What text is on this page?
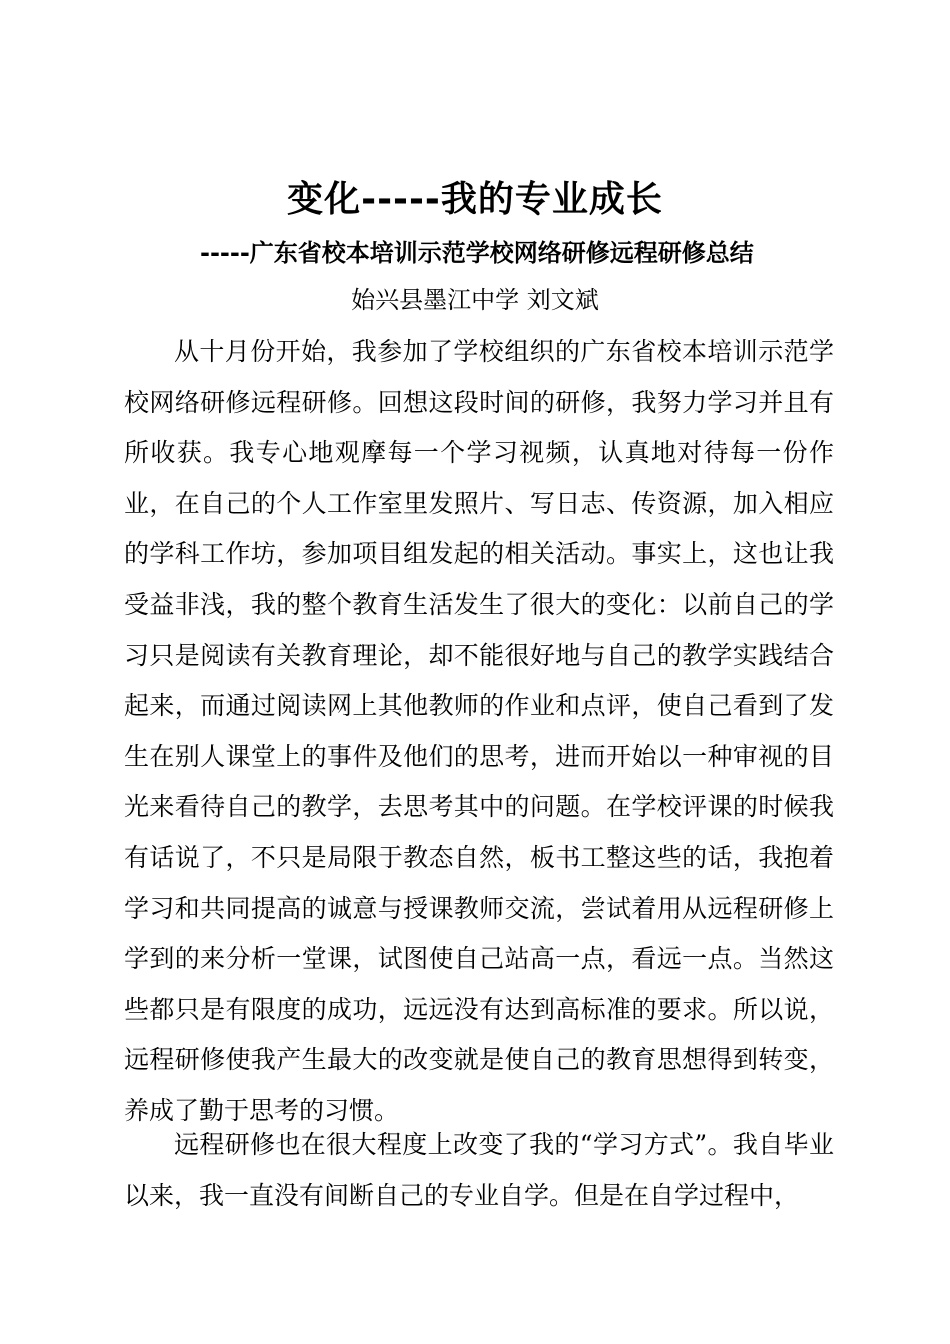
变化-----我的专业成长
-----广东省校本培训示范学校网络研修远程研修总结
始兴县墨江中学 刘文斌

从十月份开始，我参加了学校组织的广东省校本培训示范学校网络研修远程研修。回想这段时间的研修，我努力学习并且有所收获。我专心地观摩每一个学习视频，认真地对待每一份作业，在自己的个人工作室里发照片、写日志、传资源，加入相应的学科工作坊，参加项目组发起的相关活动。事实上，这也让我受益非浅，我的整个教育生活发生了很大的变化：以前自己的学习只是阅读有关教育理论，却不能很好地与自己的教学实践结合起来，而通过阅读网上其他教师的作业和点评，使自己看到了发生在别人课堂上的事件及他们的思考，进而开始以一种审视的目光来看待自己的教学，去思考其中的问题。在学校评课的时候我有话说了，不只是局限于教态自然，板书工整这些的话，我抱着学习和共同提高的诚意与授课教师交流，尝试着用从远程研修上学到的来分析一堂课，试图使自己站高一点，看远一点。当然这些都只是有限度的成功，远远没有达到高标准的要求。所以说，远程研修使我产生最大的改变就是使自己的教育思想得到转变，养成了勤于思考的习惯。

远程研修也在很大程度上改变了我的“学习方式”。我自毕业以来，我一直没有间断自己的专业自学。但是在自学过程中，
